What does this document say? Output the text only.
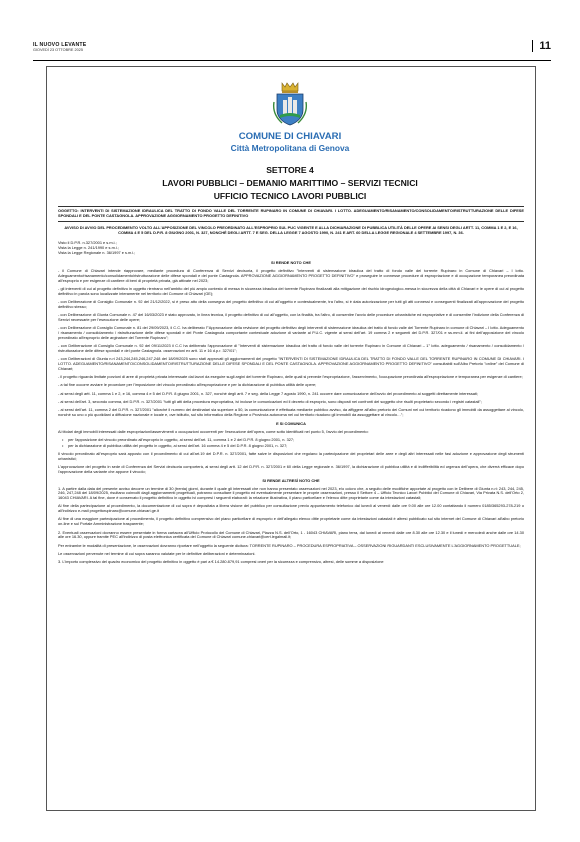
IL NUOVO LEVANTE
GIOVEDÌ 23 OTTOBRE 2025	11
COMUNE DI CHIAVARI
Città Metropolitana di Genova
SETTORE 4
LAVORI PUBBLICI – DEMANIO MARITTIMO – SERVIZI TECNICI
UFFICIO TECNICO LAVORI PUBBLICI

OGGETTO: INTERVENTI DI SISTEMAZIONE IDRAULICA DEL TRATTO DI FONDO VALLE DEL TORRENTE RUPINARO IN COMUNE DI CHIAVARI. I LOTTO. ADEGUAMENTO/RISANAMENTO/CONSOLIDAMENTO/RISTRUTTURAZIONE DELLE DIFESE SPONDALI E DEL PONTE CASTAGNOLA. APPROVAZIONE AGGIORNAMENTO PROGETTO DEFINITIVO

AVVISO DI AVVIO DEL PROCEDIMENTO VOLTO ALL'APPOSIZIONE DEL VINCOLO PREORDINATO ALL'ESPROPRIO SUL PUC VIGENTE E ALLA DICHIARAZIONE DI PUBBLICA UTILITÀ DELLE OPERE AI SENSI DEGLI ARTT. 11, COMMA 1 E 2, E 16, COMMA 4 E 5 DEL D.P.R. 8 GIUGNO 2001, N. 327, NONCHÉ DEGLI ARTT. 7 E SEG. DELLA LEGGE 7 AGOSTO 1990, N. 241 E ART. 60 DELLA LEGGE REGIONALE 4 SETTEMBRE 1997, N. 36.

Visto il D.P.R. n.327/2001 e s.m.i.;

Vista la Legge n. 241/1990 e s.m.i.;

Vista la Legge Regionale n. 36/1997 e s.m.i.;

SI RENDE NOTO CHE

- il Comune di Chiavari intende riapprovare, mediante procedura di Conferenza di Servizi decisoria, il progetto definitivo "Interventi di sistemazione idraulica del tratto di fondo valle del torrente Rupinaro in Comune di Chiavari – I lotto. Adeguamento/risanamento/consolidamento/ristrutturazione delle difese spondali e del ponte Castagnola. APPROVAZIONE AGGIORNAMENTO PROGETTO DEFINITIVO" e proseguire le connesse procedure di espropriazione e di occupazione temporanea preordinata all'esproprio e per esigenze di cantiere di beni di proprietà privata, già attivate nel 2023;

- gli interventi di cui al progetto definitivo in oggetto rientrano nell'ambito del più ampio contesto di messa in sicurezza idraulica del torrente Rupinaro finalizzati alla mitigazione del rischio idrogeologico-messa in sicurezza della città di Chiavari e le opere di cui al progetto definitivo in parola sono localizzate interamente nel territorio del Comune di Chiavari (GE);

- con Deliberazione di Consiglio Comunale n. 92 del 21/12/2022, si è preso atto della consegna del progetto definitivo di cui all'oggetto e contestualmente, tra l'altro, si è data autorizzazione per tutti gli atti connessi e conseguenti finalizzati all'approvazione del progetto definitivo stesso;

- con Deliberazione di Giunta Comunale n. 47 del 16/03/2023 è stato approvato, in linea tecnica, il progetto definitivo di cui all'oggetto, con la finalità, tra l'altro, di consentire l'avvio delle procedure urbanistiche ed espropriative e di consentire l'indizione della Conferenza di Servizi necessarie per l'esecuzione delle opere;

- con Deliberazione di Consiglio Comunale n. 81 del 29/09/2023, il C.C. ha deliberato l'"Approvazione della revisione del progetto definitivo degli interventi di sistemazione idraulica del tratto di fondo valle del Torrente Rupinaro in comune di Chiavari – I lotto. Adeguamento / risanamento / consolidamento / ristrutturazione delle difese spondali e del Ponte Castagnola comportante contestuale adozione di variante al P.U.C. vigente ai sensi dell'art. 19 comma 2 e seguenti del D.P.R. 327/01 e ss.mm.ii. ai fini dell'apposizione del vincolo preordinato all'esproprio delle arginature del Torrente Rupinaro";

- con Deliberazione di Consiglio Comunale n. 92 del 09/11/2023 il C.C ha deliberato l'approvazione di "Interventi di sistemazione idraulica del tratto di fondo valle del torrente Rupinaro in Comune di Chiavari – 1° lotto. adeguamento / risanamento / consolidamento / ristrutturazione delle difese spondali e del ponte Castagnola. osservazioni ex artt. 11 e 16 d.p.r. 327/01";

- con Deliberazioni di Giunta n.ri 243,244,245,246,247,248 del 18/09/2025 sono stati approvati gli aggiornamenti del progetto "INTERVENTI DI SISTEMAZIONE IDRAULICA DEL TRATTO DI FONDO VALLE DEL TORRENTE RUPINARO IN COMUNE DI CHIAVARI. I LOTTO. ADEGUAMENTO/RISANAMENTO/CONSOLIDAMENTO/RISTRUTTURAZIONE DELLE DIFESE SPONDALI E DEL PONTE CASTAGNOLA. APPROVAZIONE AGGIORNAMENTO PROGETTO DEFINITIVO" consultabili sull'Albo Pretorio "online" del Comune di Chiavari;

- il progetto riguarda limitate porzioni di aree di proprietà privata interessate dai lavori da eseguire sugli argini del torrente Rupinaro, delle quali si prevede l'espropriazione, l'asservimento, l'occupazione preordinata all'espropriazione e temporanea per esigenze di cantiere;

- a tal fine occorre avviare le procedure per l'imposizione del vincolo preordinato all'espropriazione e per la dichiarazione di pubblica utilità delle opere;

- ai sensi degli artt. 11, comma 1 e 2, e 16, comma 4 e 5 del D.P.R. 8 giugno 2001, n. 327, nonché degli artt. 7 e seg. della Legge 7 agosto 1990, n. 241 occorre dare comunicazione dell'avvio del procedimento ai soggetti direttamente interessati;

- ai sensi dell'art. 3, secondo comma, del D.P.R. n. 327/2001 "tutti gli atti della procedura espropriativa, ivi incluse le comunicazioni ed il decreto di esproprio, sono disposti nei confronti del soggetto che risulti proprietario secondo i registri catastali";

- ai sensi dell'art. 11, comma 2 del D.P.R. n. 327/2001 "allorché il numero dei destinatari sia superiore a 50, la comunicazione è effettuata mediante pubblico avviso, da affiggere all'albo pretorio dei Comuni nel cui territorio ricadono gli immobili da assoggettare al vincolo, nonché su uno o più quotidiani a diffusione nazionale e locale e, ove istituito, sul sito informatico della Regione o Provincia autonoma nel cui territorio ricadono gli immobili da assoggettare al vincolo…";

E SI COMUNICA

Ai titolari degli immobili interessati dalle espropriazioni/asservimenti o occupazioni occorrenti per l'esecuzione dell'opera, come sotto identificati nel punto 5, l'avvio del procedimento:

• per l'apposizione del vincolo preordinato all'esproprio in oggetto, ai sensi dell'art. 11, comma 1 e 2 del D.P.R. 8 giugno 2001, n. 327;
• per la dichiarazione di pubblica utilità del progetto in oggetto, ai sensi dell'art. 16 comma 4 e 5 del D.P.R. 8 giugno 2001, n. 327;

Il vincolo preordinato all'esproprio sarà apposto con il procedimento di cui all'art.19 del D.P.R. n. 327/2001, fatte salve le disposizioni che regolano la partecipazione dei proprietari delle aree e degli altri interessati nelle fasi adozione e approvazione degli strumenti urbanistici;

L'approvazione del progetto in sede di Conferenza dei Servizi decisoria comporterà, ai sensi degli artt. 12 del D.P.R. n. 327/2001 e 60 della Legge regionale n. 36/1997, la dichiarazione di pubblica utilità e di indifferibilità ed urgenza dell'opera, che diverrà efficace dopo l'approvazione della variante che appone il vincolo;

SI RENDE ALTRESÌ NOTO CHE

1. A partire dalla data del presente avviso decorre un termine di 30 (trenta) giorni, durante il quale gli interessati che non hanno presentato osservazioni nel 2023, e/o coloro che, a seguito delle modifiche apportate al progetto con le Delibere di Giunta n.ri: 243, 244, 245, 246, 247,248 del 18/09/2025, risultano coinvolti dagli aggiornamenti progettuali, potranno consultare il progetto ed eventualmente presentare le proprie osservazioni, presso il Settore 4 – Ufficio Tecnico Lavori Pubblici del Comune di Chiavari, Via Privata N.S. dell'Orto 2, 16043 CHIAVARI. A tal fine, dove è conservato il progetto definitivo in oggetto ivi compresi i seguenti elaborati: la relazione illustrativa, il piano particellare e l'elenco ditte proprietarie come da intestazioni catastali;

Al fine della partecipazione al procedimento, la documentazione di cui sopra è depositata a libera visione del pubblico per consultazione previo appuntamento telefonico dal lunedì al venerdì dalle ore 9.00 alle ore 12.00 contattando il numero 0185/365293-278-219 o all'indirizzo e-mail progettorupinaro@comune.chiavari.ge.it

Al fine di una maggiore partecipazione al procedimento, il progetto definitivo comprensivo del piano particellare di esproprio e dell'allegato elenco ditte proprietarie come da intestazioni catastali è altresì pubblicato sul sito internet del Comune di Chiavari all'albo pretorio on-line e sul Portale Amministrazione trasparente;

2. Eventuali osservazioni dovranno essere presentate in forma cartacea all'Ufficio Protocollo del Comune di Chiavari, Piazza N.S. dell'Orto, 1 - 16043 CHIAVARI, piano terra, dal lunedì al venerdì dalle ore 8.30 alle ore 12.30 e il lunedì e mercoledì anche dalle ore 14.30 alle ore 16.30, oppure tramite PEC all'indirizzo di posta elettronica certificata del Comune di Chiavari comune.chiavari@cert.legalmail.it;

Per entrambe le modalità di presentazione, le osservazioni dovranno riportare nell'oggetto la seguente dicitura: TORRENTE RUPINARO – PROCEDURA ESPROPRIATIVA – OSSERVAZIONI RIGUARDANTI ESCLUSIVAMENTE L'AGGIORNAMENTO PROGETTUALE;

Le osservazioni pervenute nel termine di cui sopra saranno valutate per le definitive deliberazioni e determinazioni.

3. L'importo complessivo del quadro economico del progetto definitivo in oggetto è pari a € 14.280.879,91 compresi oneri per la sicurezza e comprensivo, altresì, delle somme a disposizione
